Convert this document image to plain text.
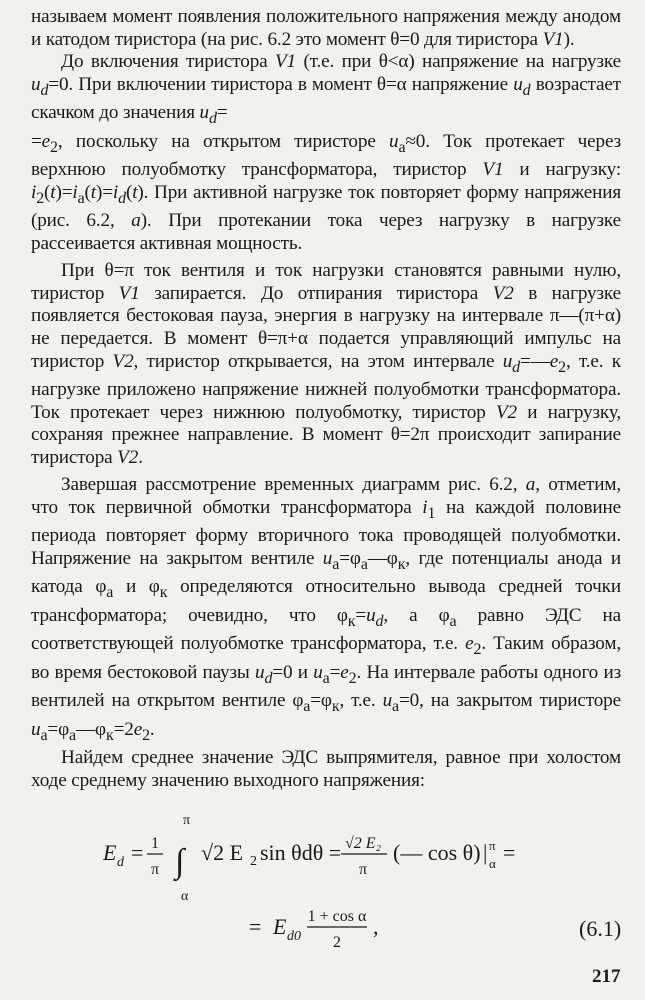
называем момент появления положительного напряжения между анодом и катодом тиристора (на рис. 6.2 это момент θ=0 для тиристора V1).

До включения тиристора V1 (т.е. при θ<α) напряжение на нагрузке $u_d=0$. При включении тиристора в момент θ=α напряжение $u_d$ возрастает скачком до значения $u_d=$
$=e_2$, поскольку на открытом тиристоре $u_a\approx 0$. Ток протекает через верхнюю полуобмотку трансформатора, тиристор V1 и нагрузку: $i_2(t)=i_a(t)=i_d(t)$. При активной нагрузке ток повторяет форму напряжения (рис. 6.2, а). При протекании тока через нагрузку в нагрузке рассеивается активная мощность.

При θ=π ток вентиля и ток нагрузки становятся равными нулю, тиристор V1 запирается. До отпирания тиристора V2 в нагрузке появляется бестоковая пауза, энергия в нагрузку на интервале π—(π+α) не передается. В момент θ=π+α подается управляющий импульс на тиристор V2, тиристор открывается, на этом интервале $u_d=—e_2$, т.е. к нагрузке приложено напряжение нижней полуобмотки трансформатора. Ток протекает через нижнюю полуобмотку, тиристор V2 и нагрузку, сохраняя прежнее направление. В момент θ=2π происходит запирание тиристора V2.

Завершая рассмотрение временных диаграмм рис. 6.2, а, отметим, что ток первичной обмотки трансформатора $i_1$ на каждой половине периода повторяет форму вторичного тока проводящей полуобмотки. Напряжение на закрытом вентиле $u_a=\varphi_a—\varphi_к$, где потенциалы анода и катода $\varphi_a$ и $\varphi_к$ определяются относительно вывода средней точки трансформатора; очевидно, что $\varphi_к=u_d$, а $\varphi_a$ равно ЭДС на соответствующей полуобмотке трансформатора, т.е. $e_2$. Таким образом, во время бестоковой паузы $u_d=0$ и $u_a=e_2$. На интервале работы одного из вентилей на открытом вентиле $\varphi_a=\varphi_к$, т.е. $u_a=0$, на закрытом тиристоре $u_a=\varphi_a—\varphi_к=2e_2$.

Найдем среднее значение ЭДС выпрямителя, равное при холостом ходе среднему значению выходного напряжения:

E d = 1
π
π
∫
α
√2 E 2 sin θdθ = √2 E₂
π
(— cos θ) | π
α =
= E d0
1 + cos α
2
,	(6.1)
217
